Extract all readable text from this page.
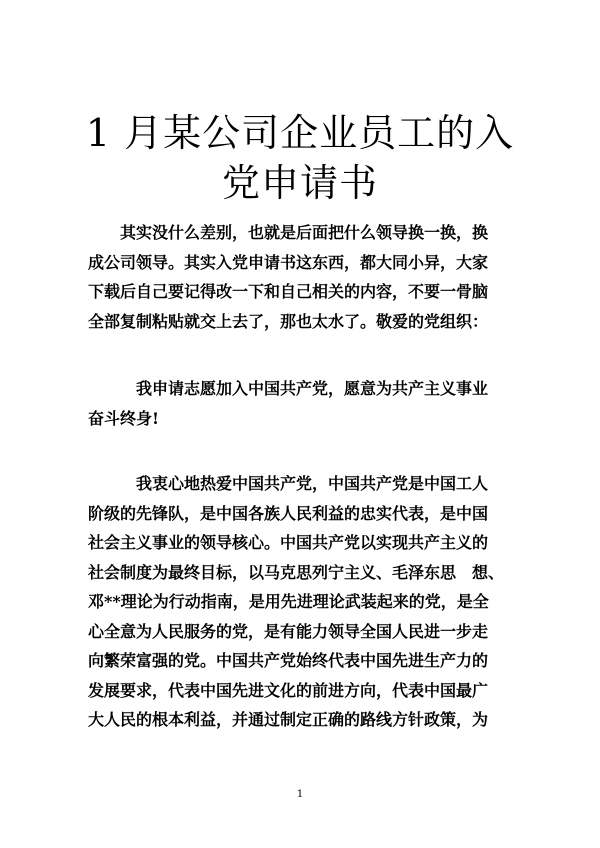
1 月某公司企业员工的入
党申请书
其实没什么差别，也就是后面把什么领导换一换，换
成公司领导。其实入党申请书这东西，都大同小异，大家
下载后自己要记得改一下和自己相关的内容，不要一骨脑
全部复制粘贴就交上去了，那也太水了。敬爱的党组织：
我申请志愿加入中国共产党，愿意为共产主义事业
奋斗终身!
我衷心地热爱中国共产党，中国共产党是中国工人
阶级的先锋队，是中国各族人民利益的忠实代表，是中国
社会主义事业的领导核心。中国共产党以实现共产主义的
社会制度为最终目标，以马克思列宁主义、毛泽东思　想、
邓**理论为行动指南，是用先进理论武装起来的党，是全
心全意为人民服务的党，是有能力领导全国人民进一步走
向繁荣富强的党。中国共产党始终代表中国先进生产力的
发展要求，代表中国先进文化的前进方向，代表中国最广
大人民的根本利益，并通过制定正确的路线方针政策，为
1
